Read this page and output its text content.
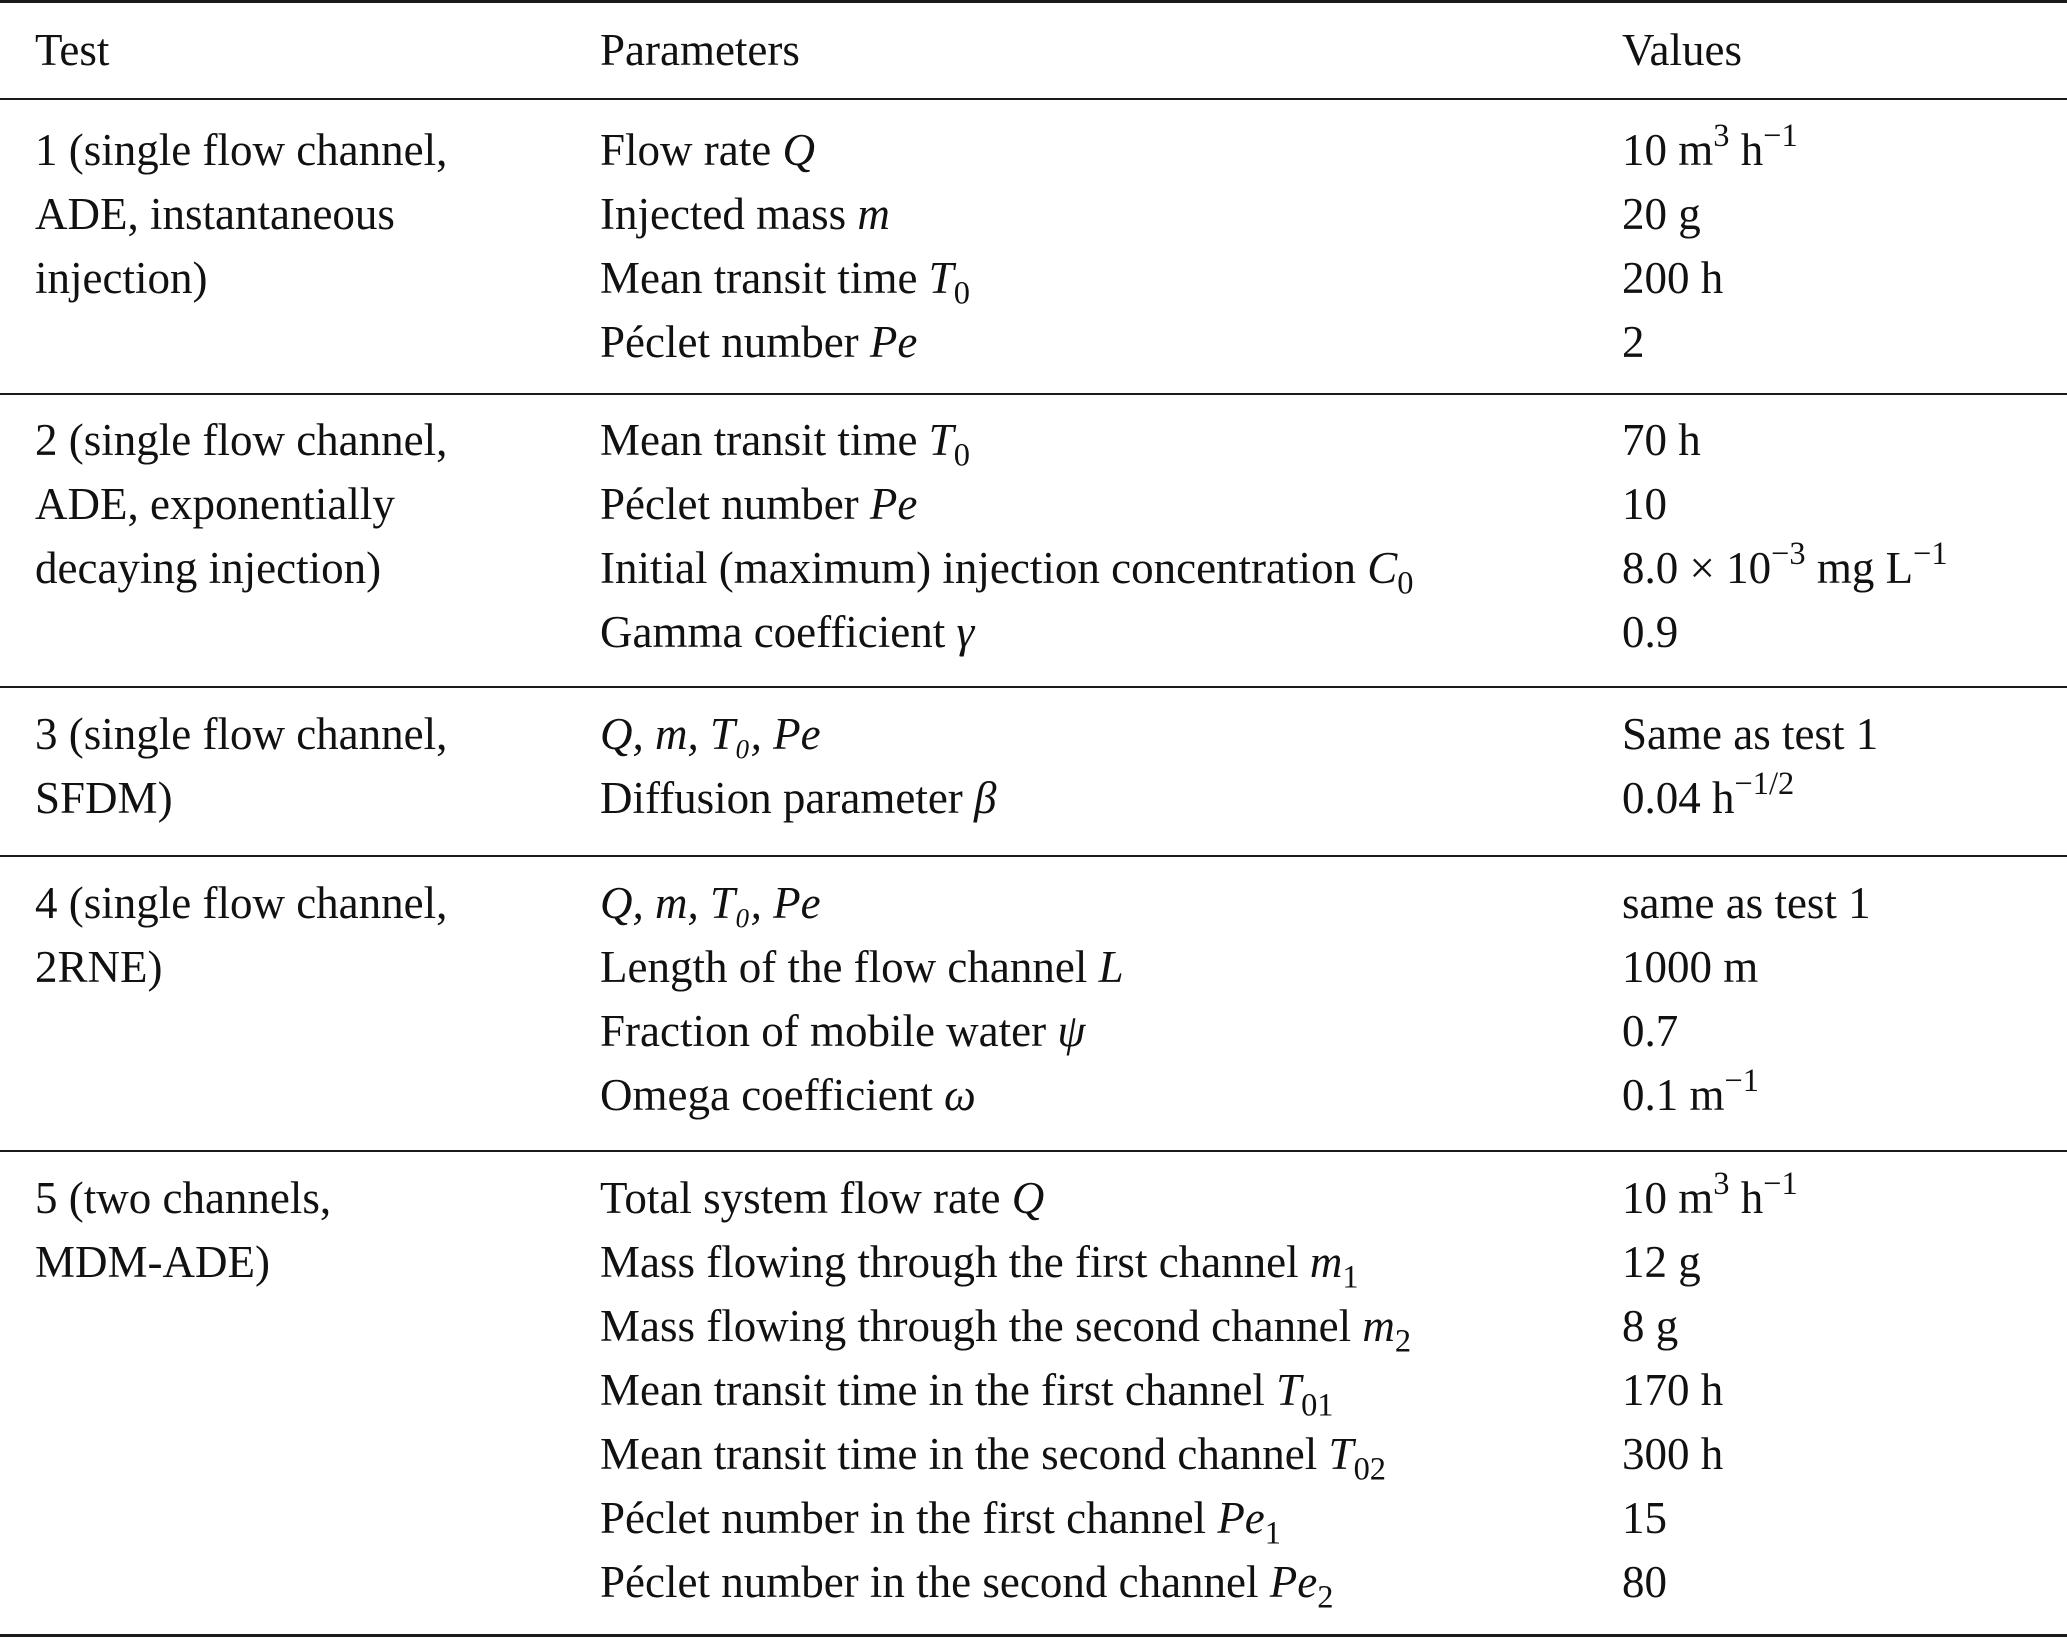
Test	Parameters	Values
1 (single flow channel,
ADE, instantaneous
injection)
Flow rate Q
Injected mass m
Mean transit time $T_0$
Péclet number Pe
10 $m^3$ $h^{-1}$
20 g
200 h
2
2 (single flow channel,
ADE, exponentially
decaying injection)
Mean transit time $T_0$
Péclet number Pe
Initial (maximum) injection concentration $C_0$
Gamma coefficient γ
70 h
10
$8.0 \times 10^{-3}$ mg $L^{-1}$
0.9
3 (single flow channel,
SFDM)
Q, m, T₀, Pe
Diffusion parameter β
Same as test 1
0.04 $h^{-1/2}$
4 (single flow channel,
2RNE)
Q, m, T₀, Pe
Length of the flow channel L
Fraction of mobile water ψ
Omega coefficient ω
same as test 1
1000 m
0.7
0.1 $m^{-1}$
5 (two channels,
MDM-ADE)
Total system flow rate Q
Mass flowing through the first channel $m_1$
Mass flowing through the second channel $m_2$
Mean transit time in the first channel $T_{01}$
Mean transit time in the second channel $T_{02}$
Péclet number in the first channel $Pe_1$
Péclet number in the second channel $Pe_2$
10 $m^3$ $h^{-1}$
12 g
8 g
170 h
300 h
15
80
